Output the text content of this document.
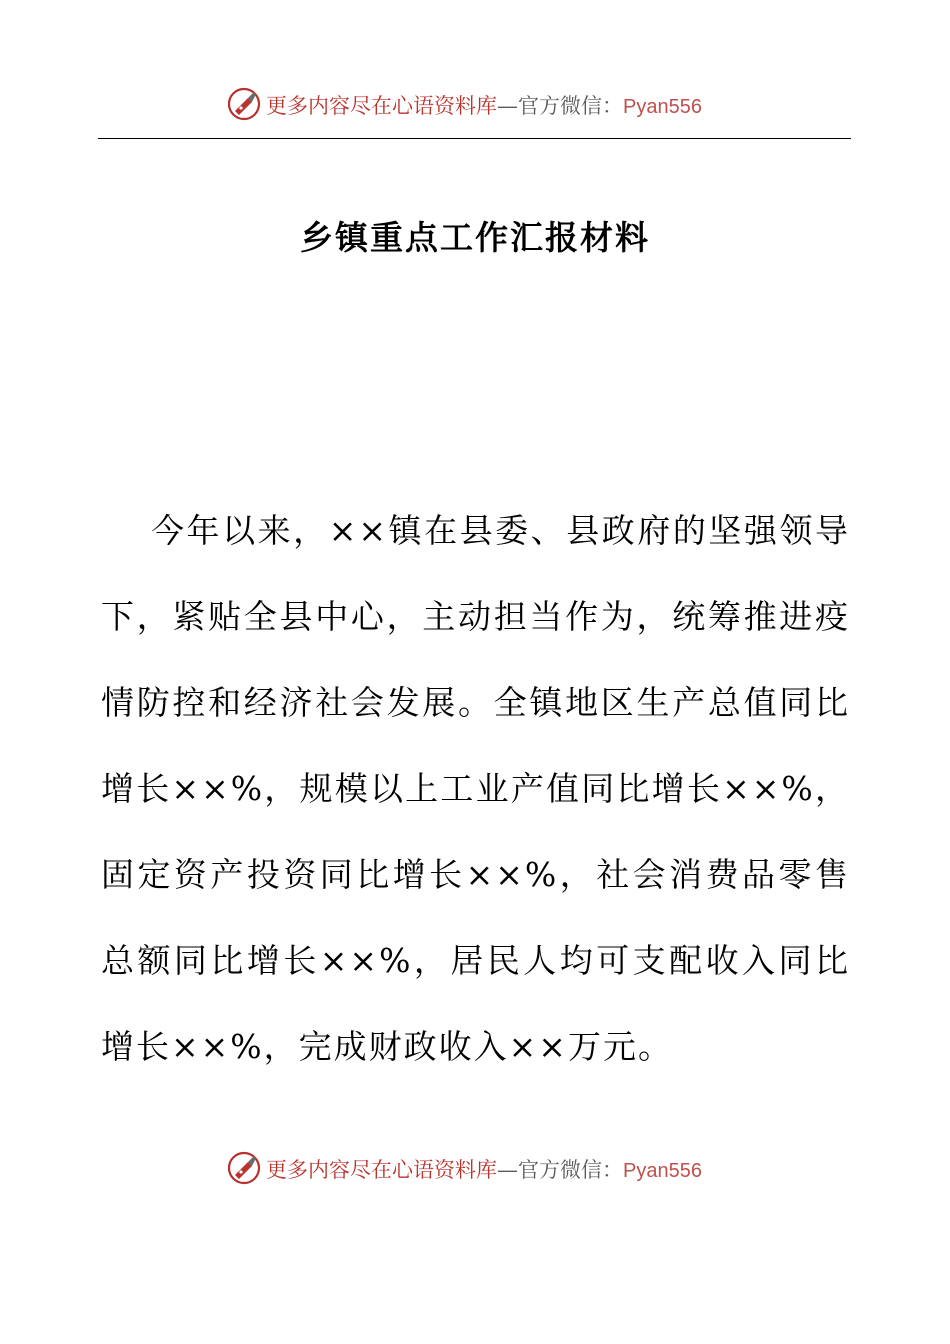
更多内容尽在心语资料库—官方微信：Pyan556
乡镇重点工作汇报材料
今年以来，××镇在县委、县政府的坚强领导下，紧贴全县中心，主动担当作为，统筹推进疫情防控和经济社会发展。全镇地区生产总值同比增长××%，规模以上工业产值同比增长××%，固定资产投资同比增长××%，社会消费品零售总额同比增长××%，居民人均可支配收入同比增长××%，完成财政收入××万元。
更多内容尽在心语资料库—官方微信：Pyan556
